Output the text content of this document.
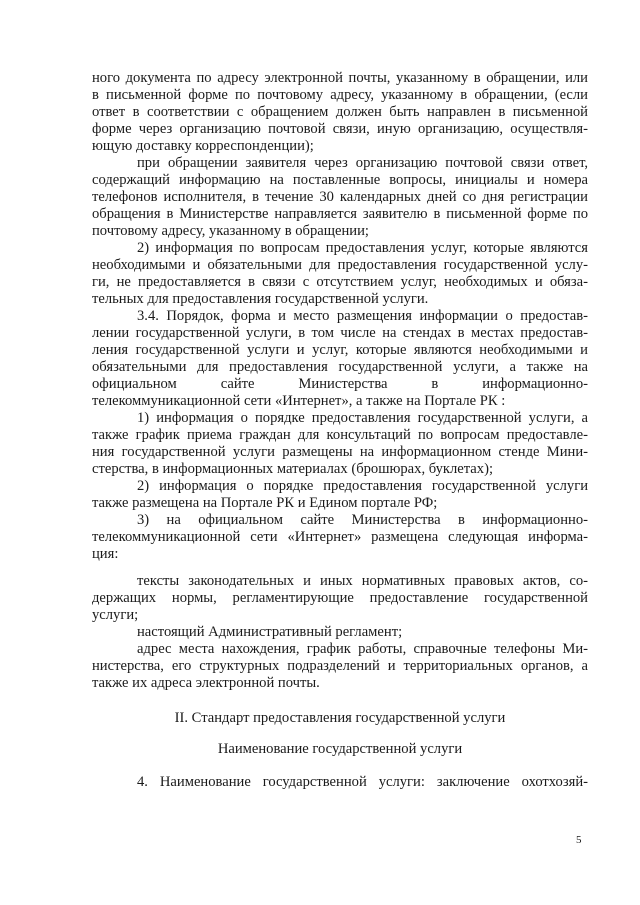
ного документа по адресу электронной почты, указанному в обращении, или
в письменной форме по почтовому адресу, указанному в обращении, (если
ответ в соответствии с обращением должен быть направлен в письменной
форме через организацию почтовой связи, иную организацию, осуществля-
ющую доставку корреспонденции);
при обращении заявителя через организацию почтовой связи ответ,
содержащий информацию на поставленные вопросы, инициалы и номера
телефонов исполнителя, в течение 30 календарных дней со дня регистрации
обращения в Министерстве направляется заявителю в письменной форме по
почтовому адресу, указанному в обращении;
2) информация по вопросам предоставления услуг, которые являются
необходимыми и обязательными для предоставления государственной услу-
ги, не предоставляется в связи с отсутствием услуг, необходимых и обяза-
тельных для предоставления государственной услуги.
3.4. Порядок, форма и место размещения информации о предостав-
лении государственной услуги, в том числе на стендах в местах предостав-
ления государственной услуги и услуг, которые являются необходимыми и
обязательными для предоставления государственной услуги, а также на
официальном сайте Министерства в информационно-
телекоммуникационной сети «Интернет», а также на Портале РК :
1) информация о порядке предоставления государственной услуги, а
также график приема граждан для консультаций по вопросам предоставле-
ния государственной услуги размещены на информационном стенде Мини-
стерства, в информационных материалах (брошюрах, буклетах);
2) информация о порядке предоставления государственной услуги
также размещена на Портале РК и Едином портале РФ;
3) на официальном сайте Министерства в информационно-
телекоммуникационной сети «Интернет» размещена следующая информа-
ция:
тексты законодательных и иных нормативных правовых актов, со-
держащих нормы, регламентирующие предоставление государственной
услуги;
настоящий Административный регламент;
адрес места нахождения, график работы, справочные телефоны Ми-
нистерства, его структурных подразделений и территориальных органов, а
также их адреса электронной почты.
II. Стандарт предоставления государственной услуги
Наименование государственной услуги
4. Наименование государственной услуги: заключение охотхозяй-
5
